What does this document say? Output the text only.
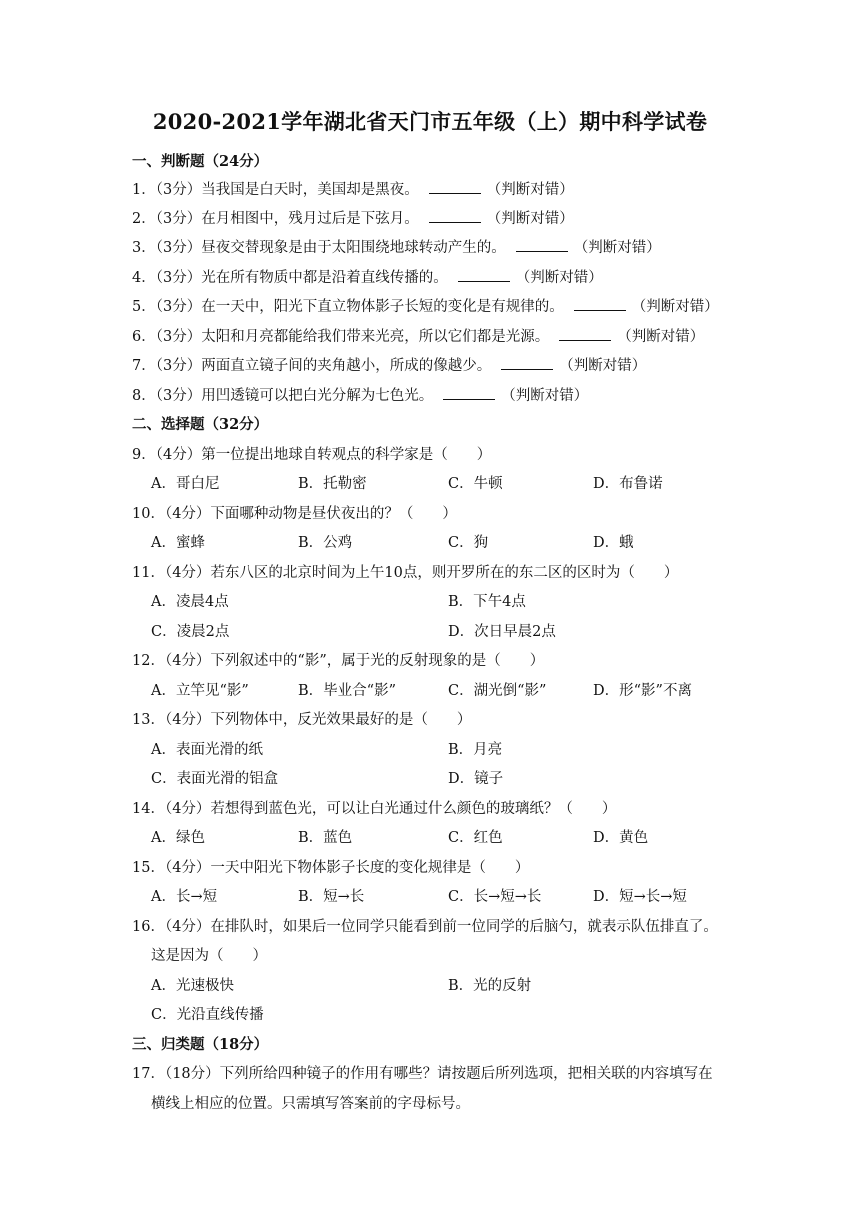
2020-2021学年湖北省天门市五年级（上）期中科学试卷
一、判断题（24分）
1．（3分）当我国是白天时，美国却是黑夜。	（判断对错）
2．（3分）在月相图中，残月过后是下弦月。	（判断对错）
3．（3分）昼夜交替现象是由于太阳围绕地球转动产生的。	（判断对错）
4．（3分）光在所有物质中都是沿着直线传播的。	（判断对错）
5．（3分）在一天中，阳光下直立物体影子长短的变化是有规律的。	（判断对错）
6．（3分）太阳和月亮都能给我们带来光亮，所以它们都是光源。	（判断对错）
7．（3分）两面直立镜子间的夹角越小，所成的像越少。	（判断对错）
8．（3分）用凹透镜可以把白光分解为七色光。	（判断对错）
二、选择题（32分）
9．（4分）第一位提出地球自转观点的科学家是（　　）
A．哥白尼	B．托勒密	C．牛顿	D．布鲁诺
10．（4分）下面哪种动物是昼伏夜出的？（　　）
A．蜜蜂	B．公鸡	C．狗	D．蛾
11．（4分）若东八区的北京时间为上午10点，则开罗所在的东二区的区时为（　　）
A．凌晨4点	B．下午4点
C．凌晨2点	D．次日早晨2点
12．（4分）下列叙述中的“影”，属于光的反射现象的是（　　）
A．立竿见“影”	B．毕业合“影”	C．湖光倒“影”	D．形“影”不离
13．（4分）下列物体中，反光效果最好的是（　　）
A．表面光滑的纸	B．月亮
C．表面光滑的铝盒	D．镜子
14．（4分）若想得到蓝色光，可以让白光通过什么颜色的玻璃纸？（　　）
A．绿色	B．蓝色	C．红色	D．黄色
15．（4分）一天中阳光下物体影子长度的变化规律是（　　）
A．长→短	B．短→长	C．长→短→长	D．短→长→短
16．（4分）在排队时，如果后一位同学只能看到前一位同学的后脑勺，就表示队伍排直了。
这是因为（　　）
A．光速极快	B．光的反射
C．光沿直线传播
三、归类题（18分）
17．（18分）下列所给四种镜子的作用有哪些？请按题后所列选项，把相关联的内容填写在
横线上相应的位置。只需填写答案前的字母标号。
